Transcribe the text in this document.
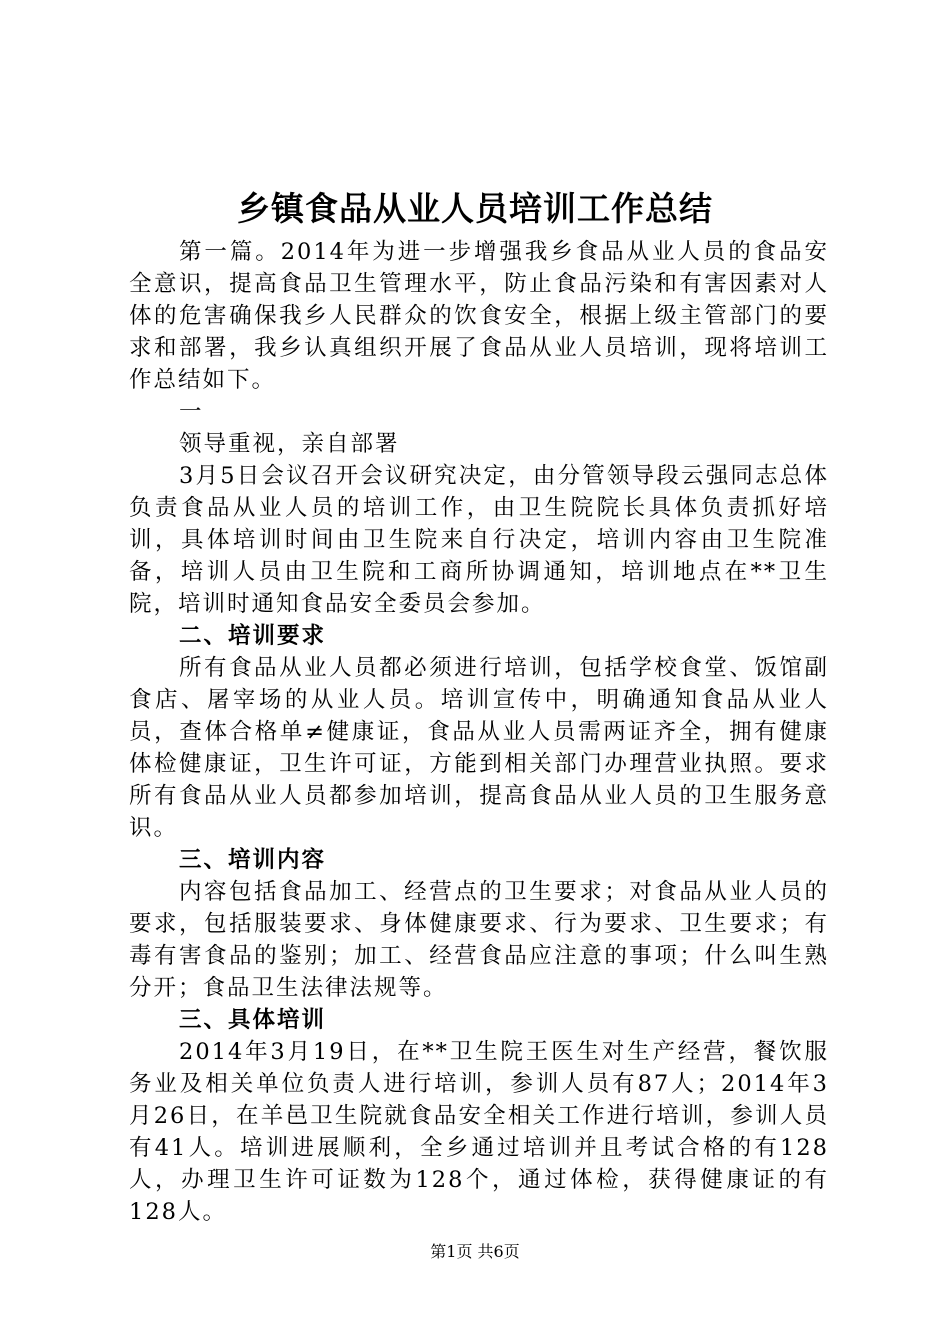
乡镇食品从业人员培训工作总结

第一篇。2014年为进一步增强我乡食品从业人员的食品安全意识，提高食品卫生管理水平，防止食品污染和有害因素对人体的危害确保我乡人民群众的饮食安全，根据上级主管部门的要求和部署，我乡认真组织开展了食品从业人员培训，现将培训工作总结如下。

一

领导重视，亲自部署

3月5日会议召开会议研究决定，由分管领导段云强同志总体负责食品从业人员的培训工作，由卫生院院长具体负责抓好培训，具体培训时间由卫生院来自行决定，培训内容由卫生院准备，培训人员由卫生院和工商所协调通知，培训地点在**卫生院，培训时通知食品安全委员会参加。

二、培训要求

所有食品从业人员都必须进行培训，包括学校食堂、饭馆副食店、屠宰场的从业人员。培训宣传中，明确通知食品从业人员，查体合格单≠健康证，食品从业人员需两证齐全，拥有健康体检健康证，卫生许可证，方能到相关部门办理营业执照。要求所有食品从业人员都参加培训，提高食品从业人员的卫生服务意识。

三、培训内容

内容包括食品加工、经营点的卫生要求；对食品从业人员的要求，包括服装要求、身体健康要求、行为要求、卫生要求；有毒有害食品的鉴别；加工、经营食品应注意的事项；什么叫生熟分开；食品卫生法律法规等。

三、具体培训

2014年3月19日，在**卫生院王医生对生产经营，餐饮服务业及相关单位负责人进行培训，参训人员有87人；2014年3月26日，在羊邑卫生院就食品安全相关工作进行培训，参训人员有41人。培训进展顺利，全乡通过培训并且考试合格的有128人，办理卫生许可证数为128个，通过体检，获得健康证的有128人。

第1页 共6页
